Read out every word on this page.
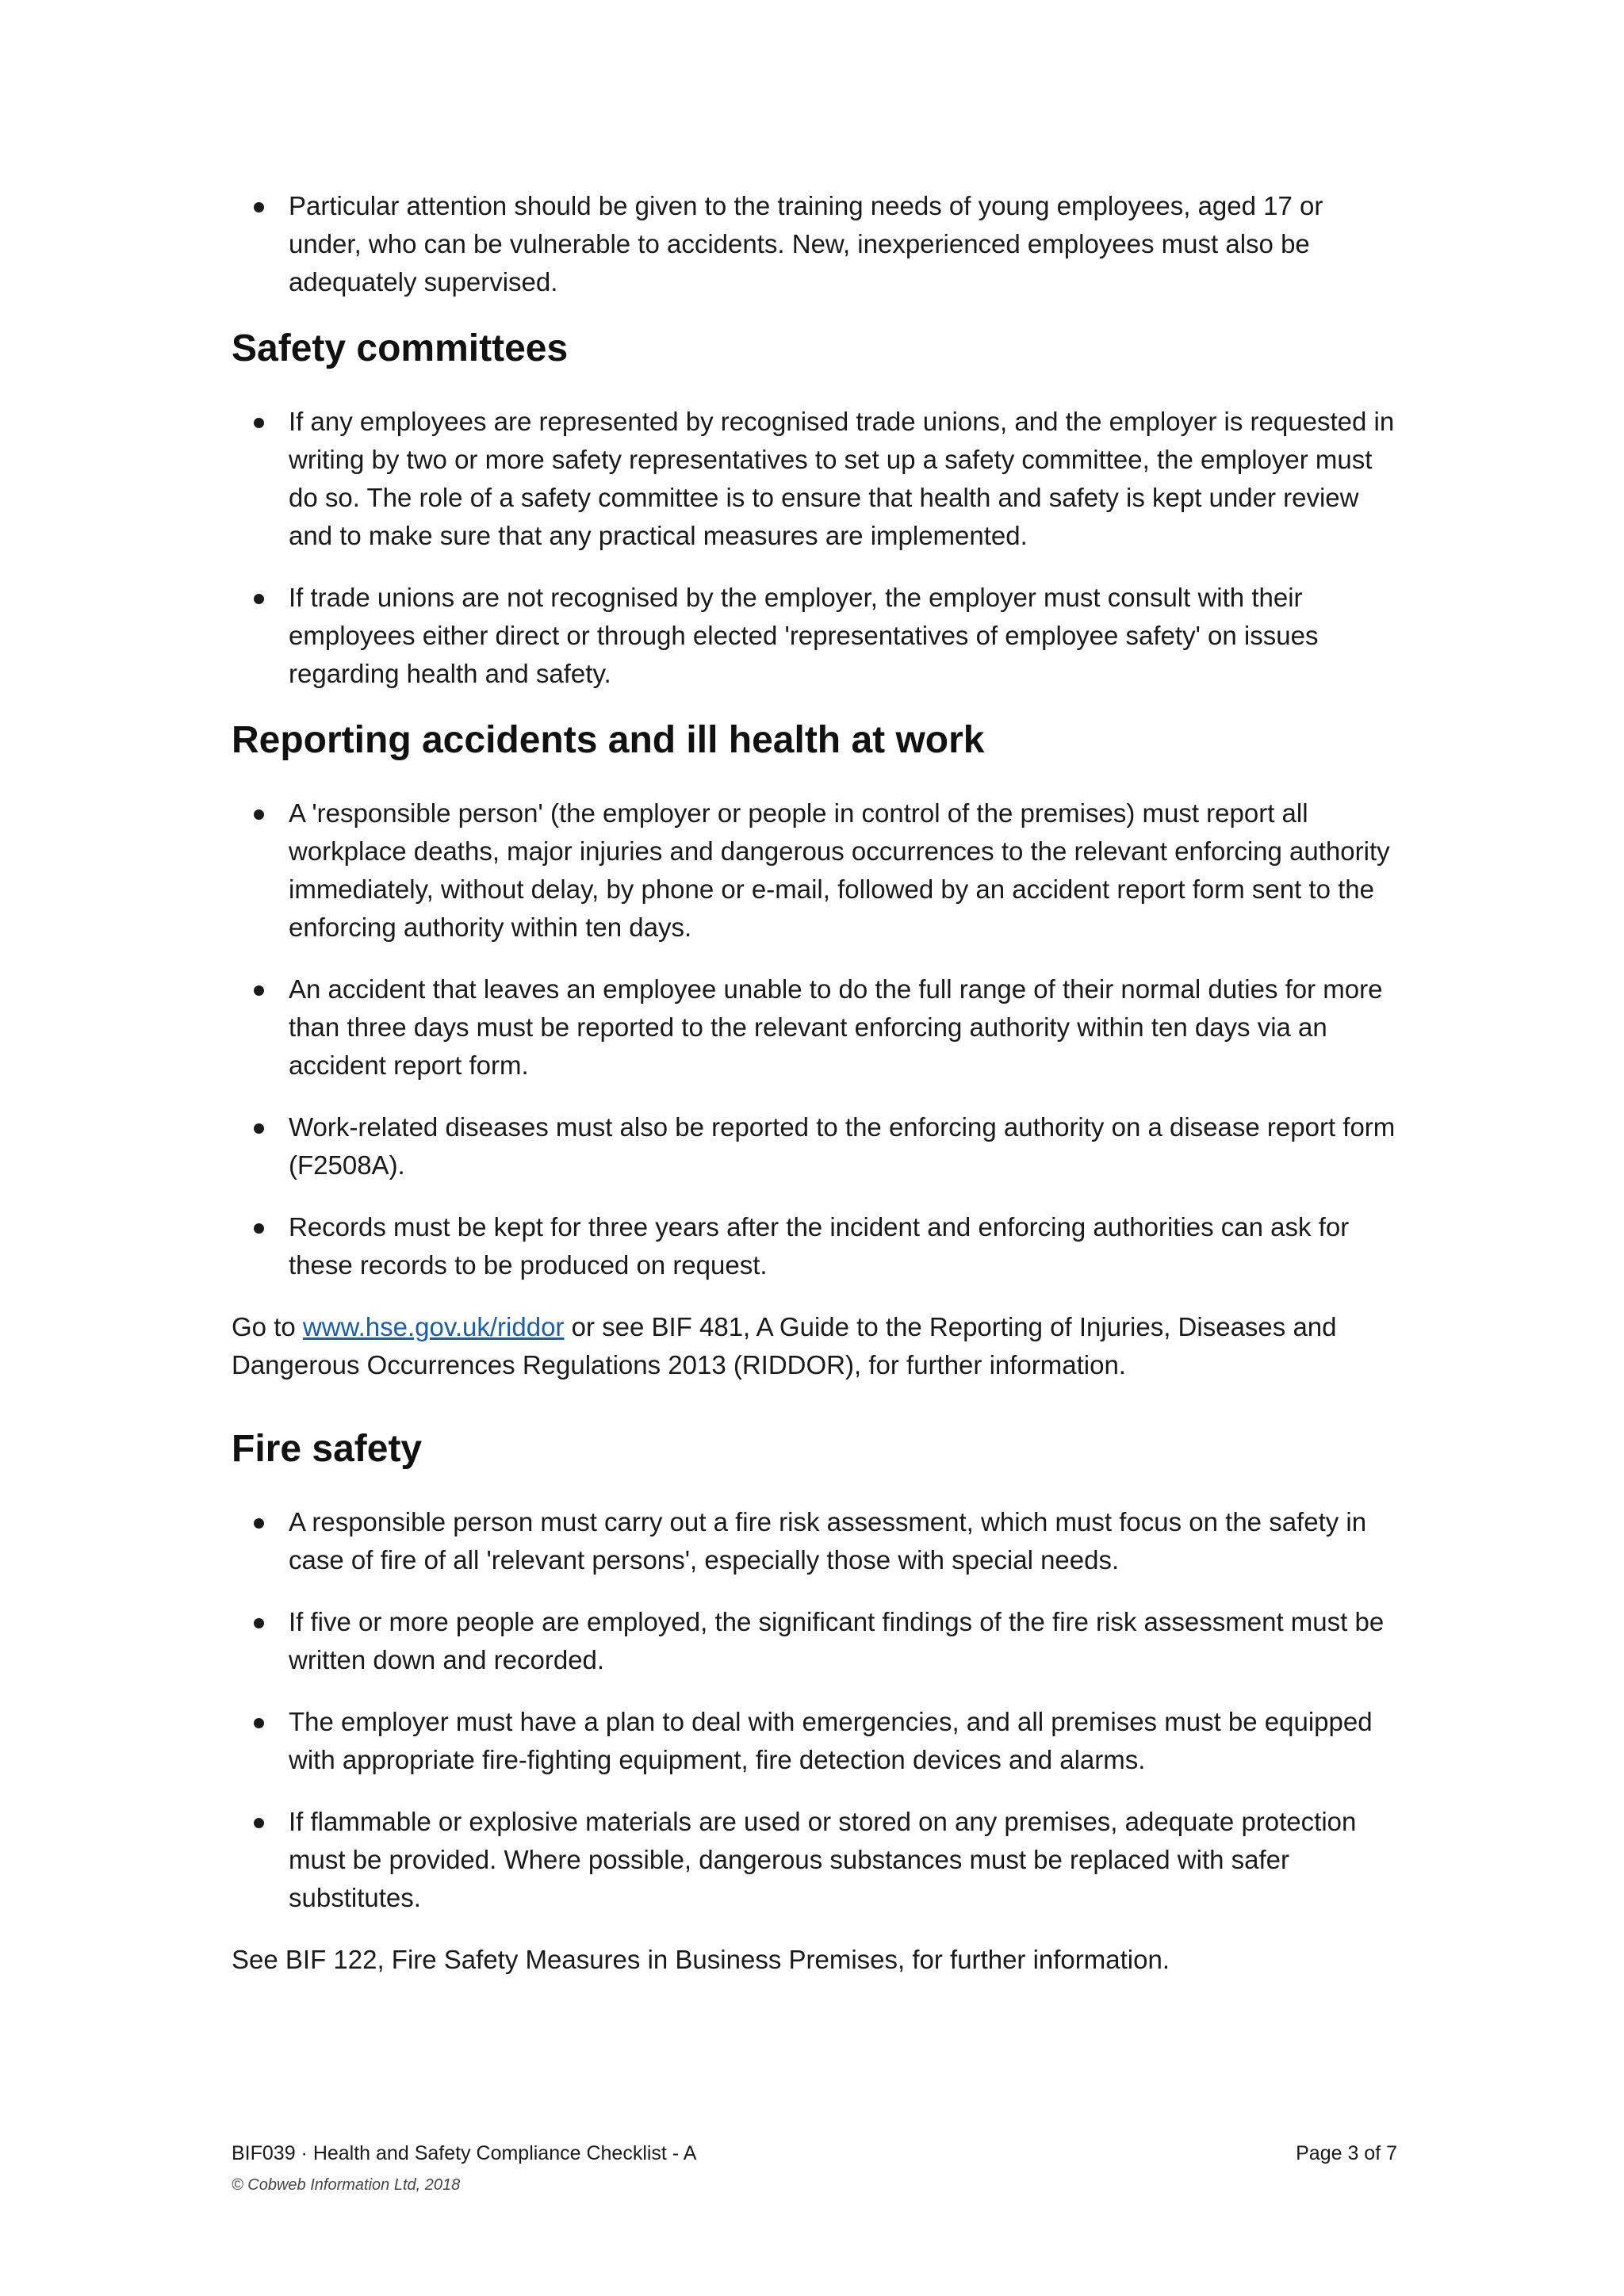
Particular attention should be given to the training needs of young employees, aged 17 or under, who can be vulnerable to accidents. New, inexperienced employees must also be adequately supervised.
Safety committees
If any employees are represented by recognised trade unions, and the employer is requested in writing by two or more safety representatives to set up a safety committee, the employer must do so. The role of a safety committee is to ensure that health and safety is kept under review and to make sure that any practical measures are implemented.
If trade unions are not recognised by the employer, the employer must consult with their employees either direct or through elected 'representatives of employee safety' on issues regarding health and safety.
Reporting accidents and ill health at work
A 'responsible person' (the employer or people in control of the premises) must report all workplace deaths, major injuries and dangerous occurrences to the relevant enforcing authority immediately, without delay, by phone or e-mail, followed by an accident report form sent to the enforcing authority within ten days.
An accident that leaves an employee unable to do the full range of their normal duties for more than three days must be reported to the relevant enforcing authority within ten days via an accident report form.
Work-related diseases must also be reported to the enforcing authority on a disease report form (F2508A).
Records must be kept for three years after the incident and enforcing authorities can ask for these records to be produced on request.

Go to www.hse.gov.uk/riddor or see BIF 481, A Guide to the Reporting of Injuries, Diseases and Dangerous Occurrences Regulations 2013 (RIDDOR), for further information.

Fire safety
A responsible person must carry out a fire risk assessment, which must focus on the safety in case of fire of all 'relevant persons', especially those with special needs.
If five or more people are employed, the significant findings of the fire risk assessment must be written down and recorded.
The employer must have a plan to deal with emergencies, and all premises must be equipped with appropriate fire-fighting equipment, fire detection devices and alarms.
If flammable or explosive materials are used or stored on any premises, adequate protection must be provided. Where possible, dangerous substances must be replaced with safer substitutes.

See BIF 122, Fire Safety Measures in Business Premises, for further information.

BIF039 · Health and Safety Compliance Checklist - A	Page 3 of 7
© Cobweb Information Ltd, 2018
